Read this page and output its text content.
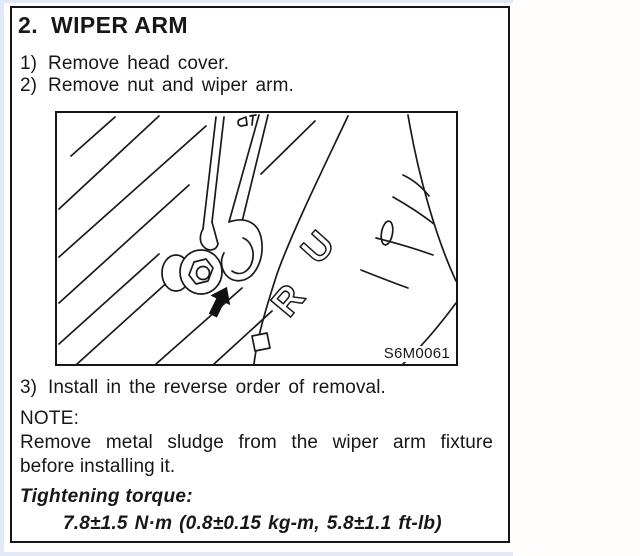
2. WIPER ARM
1) Remove head cover.
2) Remove nut and wiper arm.
R
U
S6M0061
3) Install in the reverse order of removal.
NOTE:
Remove metal sludge from the wiper arm fixture
before installing it.
Tightening torque:
7.8±1.5 N·m (0.8±0.15 kg-m, 5.8±1.1 ft-lb)
